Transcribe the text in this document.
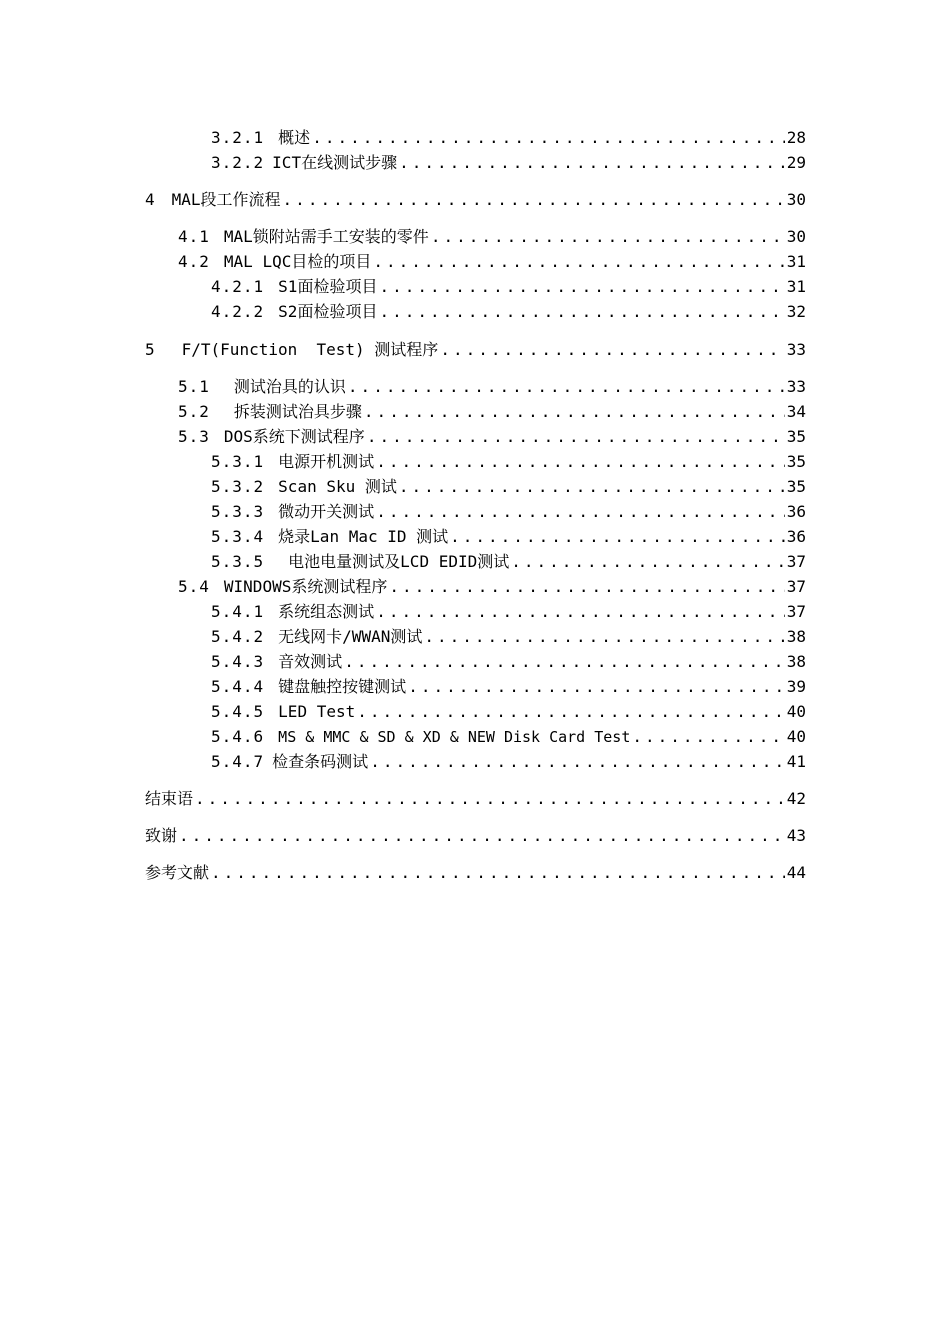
3.2.1 概述 .....	28
3.2.2 ICT在线测试步骤 .....	29
4 MAL段工作流程 .....	30
4.1 MAL锁附站需手工安装的零件 .....	30
4.2 MAL LQC目检的项目 .....	31
4.2.1 S1面检验项目 .....	31
4.2.2 S2面检验项目 .....	32
5 F/T(Function  Test) 测试程序 .....	33
5.1 测试治具的认识 .....	33
5.2 拆装测试治具步骤 .....	34
5.3 DOS系统下测试程序 .....	35
5.3.1 电源开机测试 .....	35
5.3.2 Scan Sku 测试 .....	35
5.3.3 微动开关测试 .....	36
5.3.4 烧录Lan Mac ID 测试 .....	36
5.3.5 电池电量测试及LCD EDID测试 .....	37
5.4 WINDOWS系统测试程序 .....	37
5.4.1 系统组态测试 .....	37
5.4.2 无线网卡/WWAN测试 .....	38
5.4.3 音效测试 .....	38
5.4.4 键盘触控按键测试 .....	39
5.4.5 LED Test .....	40
5.4.6 MS & MMC & SD & XD & NEW Disk Card Test .....	40
5.4.7 检查条码测试 .....	41
结束语 .....	42
致谢 .....	43
参考文献 .....	44
